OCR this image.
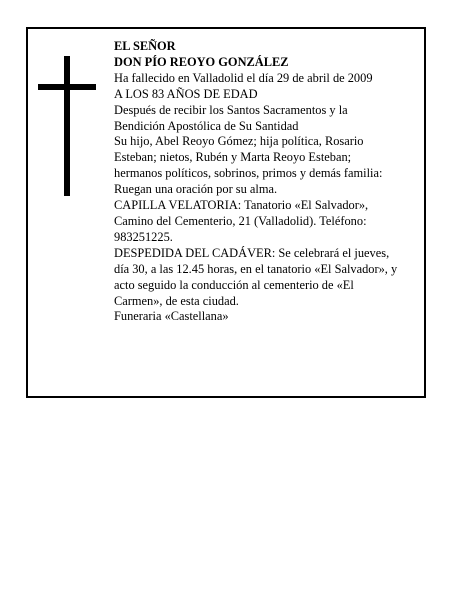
EL SEÑOR

DON PÍO REOYO GONZÁLEZ

Ha fallecido en Valladolid el día 29 de abril de 2009

A LOS 83 AÑOS DE EDAD

Después de recibir los Santos Sacramentos y la

Bendición Apostólica de Su Santidad

Su hijo, Abel Reoyo Gómez; hija política, Rosario

Esteban; nietos, Rubén y Marta Reoyo Esteban;

hermanos políticos, sobrinos, primos y demás familia:

Ruegan una oración por su alma.

CAPILLA VELATORIA: Tanatorio «El Salvador»,

Camino del Cementerio, 21 (Valladolid). Teléfono:

983251225.

DESPEDIDA DEL CADÁVER: Se celebrará el jueves,

día 30, a las 12.45 horas, en el tanatorio «El Salvador», y

acto seguido la conducción al cementerio de «El

Carmen», de esta ciudad.

Funeraria «Castellana»
